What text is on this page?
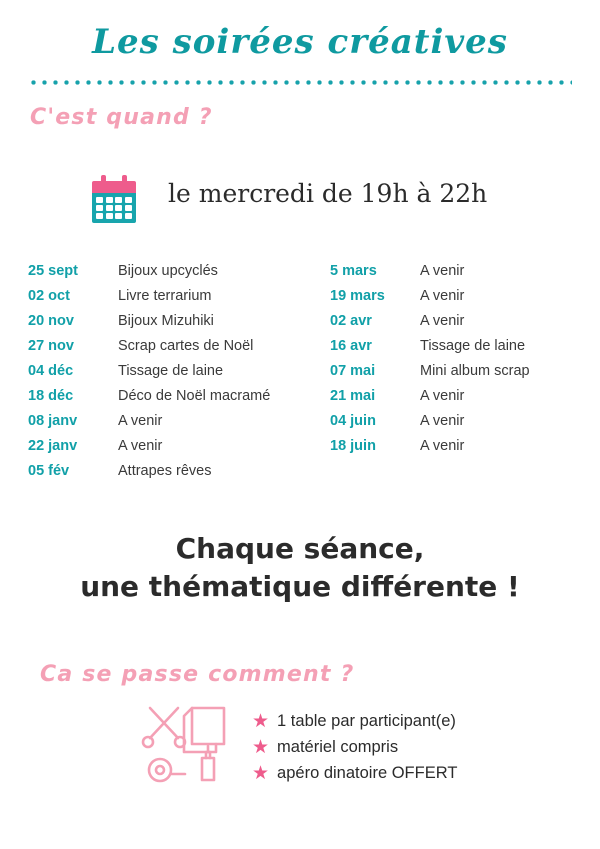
Les soirées créatives
C'est quand ?
le mercredi de 19h à 22h
25 sept	Bijoux upcyclés
02 oct	Livre terrarium
20 nov	Bijoux Mizuhiki
27 nov	Scrap cartes de Noël
04 déc	Tissage de laine
18 déc	Déco de Noël macramé
08 janv	A venir
22 janv	A venir
05 fév	Attrapes rêves
5 mars	A venir
19 mars	A venir
02 avr	A venir
16 avr	Tissage de laine
07 mai	Mini album scrap
21 mai	A venir
04 juin	A venir
18 juin	A venir
Chaque séance,
une thématique différente !
Ca se passe comment ?
★ 1 table par participant(e)
★ matériel compris
★ apéro dinatoire OFFERT
